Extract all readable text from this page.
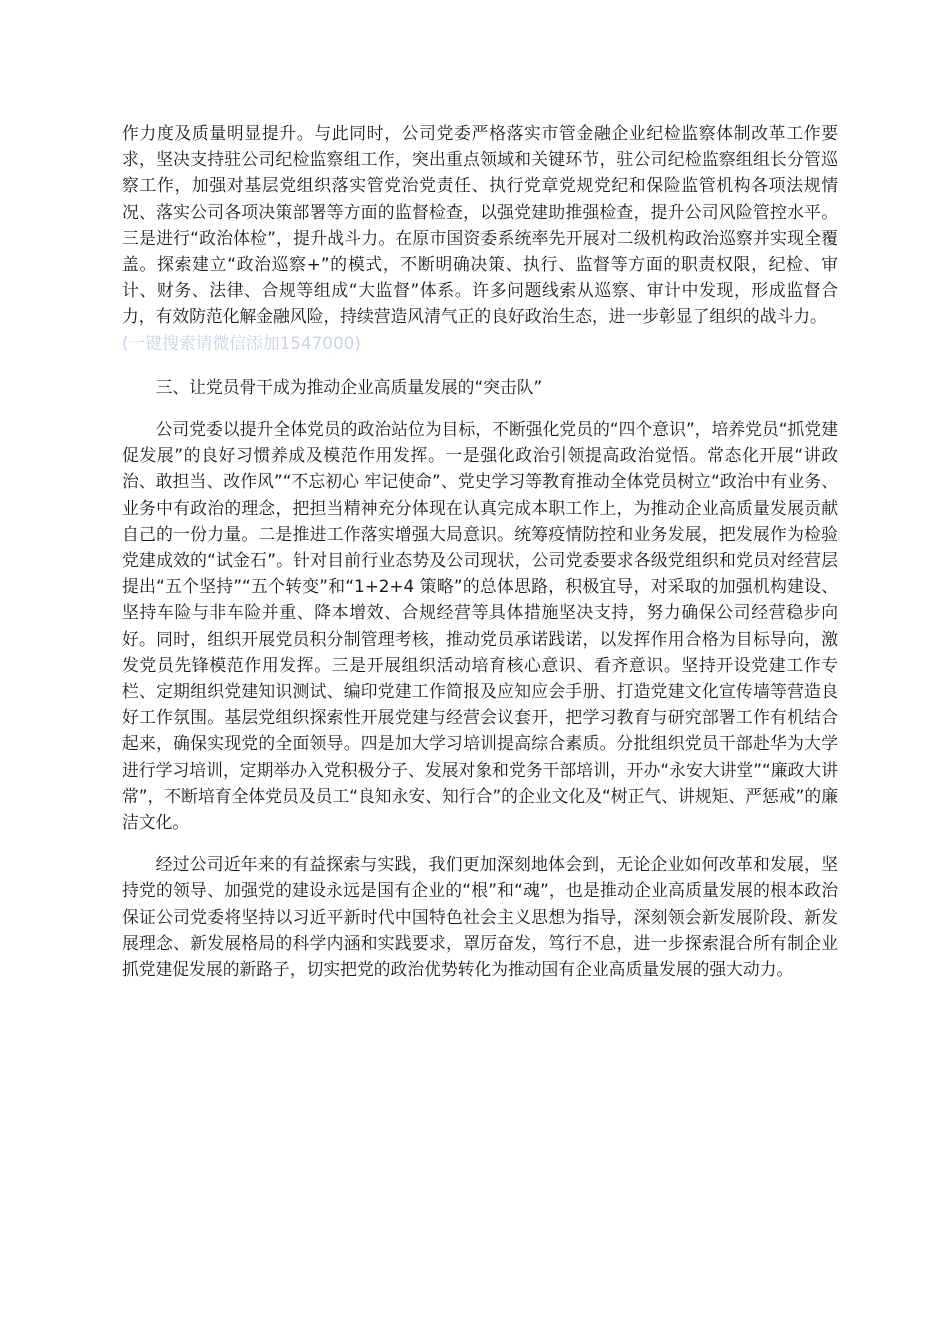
作力度及质量明显提升。与此同时，公司党委严格落实市管金融企业纪检监察体制改革工作要求，坚决支持驻公司纪检监察组工作，突出重点领域和关键环节，驻公司纪检监察组组长分管巡察工作，加强对基层党组织落实管党治党责任、执行党章党规党纪和保险监管机构各项法规情况、落实公司各项决策部署等方面的监督检查，以强党建助推强检查，提升公司风险管控水平。三是进行“政治体检”，提升战斗力。在原市国资委系统率先开展对二级机构政治巡察并实现全覆盖。探索建立“政治巡察+”的模式，不断明确决策、执行、监督等方面的职责权限，纪检、审计、财务、法律、合规等组成“大监督”体系。许多问题线索从巡察、审计中发现，形成监督合力，有效防范化解金融风险，持续营造风清气正的良好政治生态，进一步彰显了组织的战斗力。

(一键搜索请微信添加1547000)

三、让党员骨干成为推动企业高质量发展的“突击队”

公司党委以提升全体党员的政治站位为目标，不断强化党员的“四个意识”，培养党员“抓党建促发展”的良好习惯养成及模范作用发挥。一是强化政治引领提高政治觉悟。常态化开展“讲政治、敢担当、改作风”“不忘初心 牢记使命”、党史学习等教育推动全体党员树立“政治中有业务、业务中有政治的理念，把担当精神充分体现在认真完成本职工作上，为推动企业高质量发展贡献自己的一份力量。二是推进工作落实增强大局意识。统筹疫情防控和业务发展，把发展作为检验党建成效的“试金石”。针对目前行业态势及公司现状，公司党委要求各级党组织和党员对经营层提出“五个坚持”“五个转变”和“1+2+4 策略”的总体思路，积极宜导，对采取的加强机构建设、坚持车险与非车险并重、降本增效、合规经营等具体措施坚决支持，努力确保公司经营稳步向好。同时，组织开展党员积分制管理考核，推动党员承诺践诺，以发挥作用合格为目标导向，激发党员先锋模范作用发挥。三是开展组织活动培育核心意识、看齐意识。坚持开设党建工作专栏、定期组织党建知识测试、编印党建工作简报及应知应会手册、打造党建文化宣传墙等营造良好工作氛围。基层党组织探索性开展党建与经营会议套开，把学习教育与研究部署工作有机结合起来，确保实现党的全面领导。四是加大学习培训提高综合素质。分批组织党员干部赴华为大学进行学习培训，定期举办入党积极分子、发展对象和党务干部培训，开办“永安大讲堂”“廉政大讲常”，不断培育全体党员及员工“良知永安、知行合”的企业文化及“树正气、讲规矩、严惩戒”的廉洁文化。

经过公司近年来的有益探索与实践，我们更加深刻地体会到，无论企业如何改革和发展，坚持党的领导、加强党的建设永远是国有企业的“根”和“魂”，也是推动企业高质量发展的根本政治保证公司党委将坚持以习近平新时代中国特色社会主义思想为指导，深刻领会新发展阶段、新发展理念、新发展格局的科学内涵和实践要求，罩厉奋发，笃行不息，进一步探索混合所有制企业抓党建促发展的新路子，切实把党的政治优势转化为推动国有企业高质量发展的强大动力。
